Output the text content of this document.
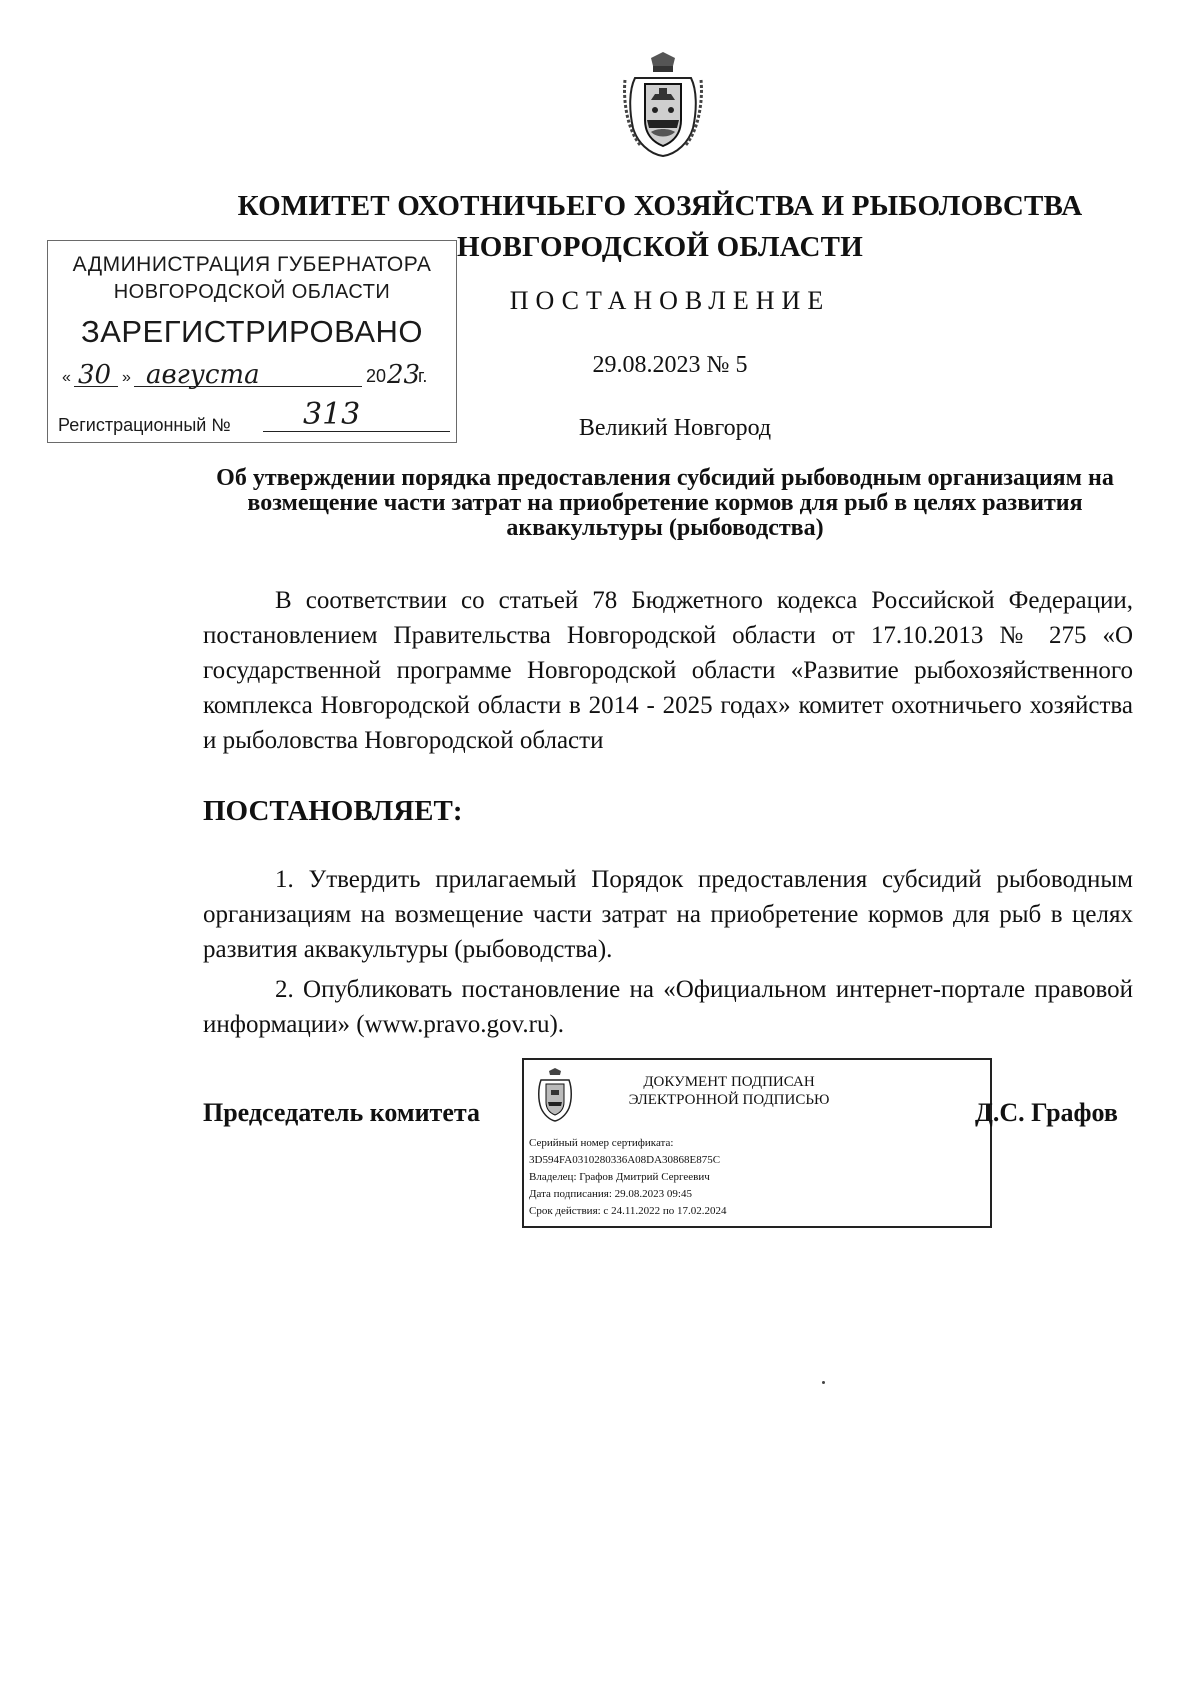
КОМИТЕТ ОХОТНИЧЬЕГО ХОЗЯЙСТВА И РЫБОЛОВСТВА
НОВГОРОДСКОЙ ОБЛАСТИ
ПОСТАНОВЛЕНИЕ
29.08.2023 № 5
Великий Новгород
АДМИНИСТРАЦИЯ ГУБЕРНАТОРА
НОВГОРОДСКОЙ ОБЛАСТИ
ЗАРЕГИСТРИРОВАНО
« 30 » августа	20 23
г.
Регистрационный № 313
Об утверждении порядка предоставления субсидий рыбоводным организациям на возмещение части затрат на приобретение кормов для рыб в целях развития аквакультуры (рыбоводства)

В соответствии со статьей 78 Бюджетного кодекса Российской Федерации, постановлением Правительства Новгородской области от 17.10.2013 № 275 «О государственной программе Новгородской области «Развитие рыбохозяйственного комплекса Новгородской области в 2014 - 2025 годах» комитет охотничьего хозяйства и рыболовства Новгородской области

ПОСТАНОВЛЯЕТ:

1. Утвердить прилагаемый Порядок предоставления субсидий рыбоводным организациям на возмещение части затрат на приобретение кормов для рыб в целях развития аквакультуры (рыбоводства).

2. Опубликовать постановление на «Официальном интернет-портале правовой информации» (www.pravo.gov.ru).

Председатель комитета
ДОКУМЕНТ ПОДПИСАН
ЭЛЕКТРОННОЙ ПОДПИСЬЮ
Серийный номер сертификата:
3D594FA0310280336A08DA30868E875C
Владелец: Графов Дмитрий Сергеевич
Дата подписания: 29.08.2023 09:45
Срок действия: с 24.11.2022 по 17.02.2024
Д.С. Графов
